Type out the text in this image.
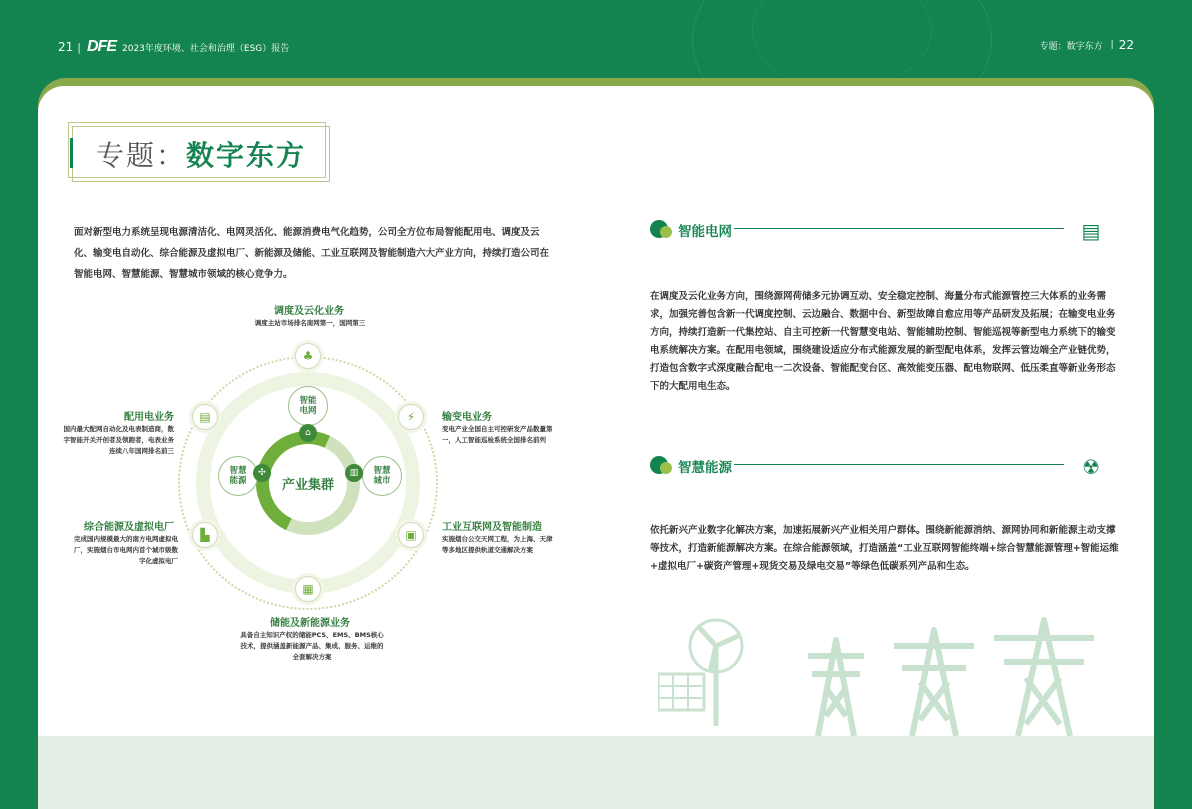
21 | DFE 2023年度环境、社会和治理（ESG）报告	专题：数字东方 | 22
专题：数字东方

面对新型电力系统呈现电源清洁化、电网灵活化、能源消费电气化趋势，公司全方位布局智能配用电、调度及云化、输变电自动化、综合能源及虚拟电厂、新能源及储能、工业互联网及智能制造六大产业方向，持续打造公司在智能电网、智慧能源、智慧城市领域的核心竞争力。

产业集群
智能
电网
⌂
智慧
能源
✣	智慧
城市
▥
♣
⚡
▣
▦
▙
▤
调度及云化业务
调度主站市场排名南网第一，国网第三
输变电业务
变电产业全国自主可控研发产品数量第一，人工智能巡检系统全国排名前列
工业互联网及智能制造
实施烟台公交天网工程，为上海、天津等多地区提供轨道交通解决方案
储能及新能源业务
具备自主知识产权的储能PCS、EMS、BMS核心技术，提供涵盖新能源产品、集成、服务、运维的全套解决方案
综合能源及虚拟电厂
完成国内规模最大的南方电网虚拟电厂，实施烟台市电网内首个城市级数字化虚拟电厂
配用电业务
国内最大配网自动化及电表制造商，数字智能开关开创者及领跑者，电表业务连续八年国网排名前三
智能电网	▤

在调度及云化业务方向，围绕源网荷储多元协调互动、安全稳定控制、海量分布式能源管控三大体系的业务需求，加强完善包含新一代调度控制、云边融合、数据中台、新型故障自愈应用等产品研发及拓展；在输变电业务方向，持续打造新一代集控站、自主可控新一代智慧变电站、智能辅助控制、智能巡视等新型电力系统下的输变电系统解决方案。在配用电领域，围绕建设适应分布式能源发展的新型配电体系，发挥云管边端全产业链优势，打造包含数字式深度融合配电一二次设备、智能配变台区、高效能变压器、配电物联网、低压柔直等新业务形态下的大配用电生态。

智慧能源	☢

依托新兴产业数字化解决方案，加速拓展新兴产业相关用户群体。围绕新能源消纳、源网协同和新能源主动支撑等技术，打造新能源解决方案。在综合能源领域，打造涵盖“工业互联网智能终端+综合智慧能源管理+智能运维+虚拟电厂+碳资产管理+现货交易及绿电交易”等绿色低碳系列产品和生态。
